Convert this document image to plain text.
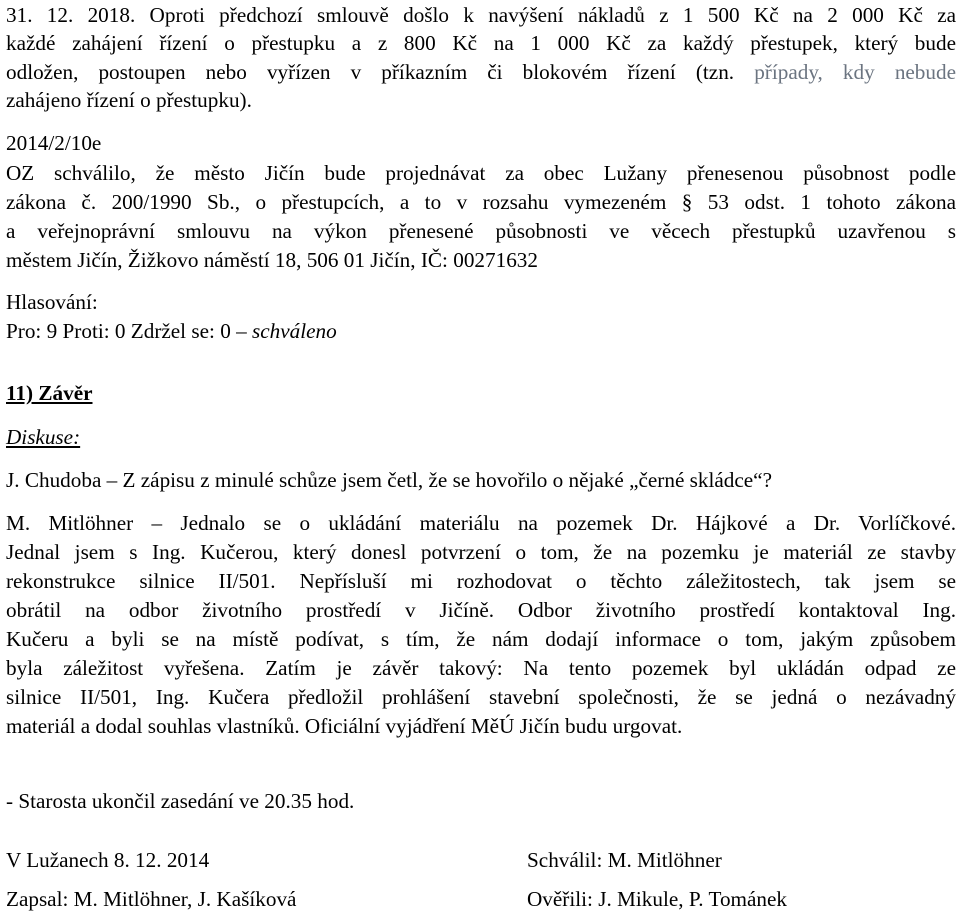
31. 12. 2018. Oproti předchozí smlouvě došlo k navýšení nákladů z 1 500 Kč na 2 000 Kč za
každé zahájení řízení o přestupku a z 800 Kč na 1 000 Kč za každý přestupek, který bude
odložen, postoupen nebo vyřízen v příkazním či blokovém řízení (tzn. případy, kdy nebude
zahájeno řízení o přestupku).
2014/2/10e
OZ schválilo, že město Jičín bude projednávat za obec Lužany přenesenou působnost podle
zákona č. 200/1990 Sb., o přestupcích, a to v rozsahu vymezeném § 53 odst. 1 tohoto zákona
a veřejnoprávní smlouvu na výkon přenesené působnosti ve věcech přestupků uzavřenou s
městem Jičín, Žižkovo náměstí 18, 506 01 Jičín, IČ: 00271632
Hlasování:
Pro: 9 Proti: 0 Zdržel se: 0 – schváleno
11) Závěr
Diskuse:
J. Chudoba – Z zápisu z minulé schůze jsem četl, že se hovořilo o nějaké „černé skládce“?
M. Mitlöhner – Jednalo se o ukládání materiálu na pozemek Dr. Hájkové a Dr. Vorlíčkové.
Jednal jsem s Ing. Kučerou, který donesl potvrzení o tom, že na pozemku je materiál ze stavby
rekonstrukce silnice II/501. Nepřísluší mi rozhodovat o těchto záležitostech, tak jsem se
obrátil na odbor životního prostředí v Jičíně. Odbor životního prostředí kontaktoval Ing.
Kučeru a byli se na místě podívat, s tím, že nám dodají informace o tom, jakým způsobem
byla záležitost vyřešena. Zatím je závěr takový: Na tento pozemek byl ukládán odpad ze
silnice II/501, Ing. Kučera předložil prohlášení stavební společnosti, že se jedná o nezávadný
materiál a dodal souhlas vlastníků. Oficiální vyjádření MěÚ Jičín budu urgovat.
- Starosta ukončil zasedání ve 20.35 hod.
V Lužanech 8. 12. 2014	Schválil: M. Mitlöhner
Zapsal: M. Mitlöhner, J. Kašíková	Ověřili: J. Mikule, P. Tománek
